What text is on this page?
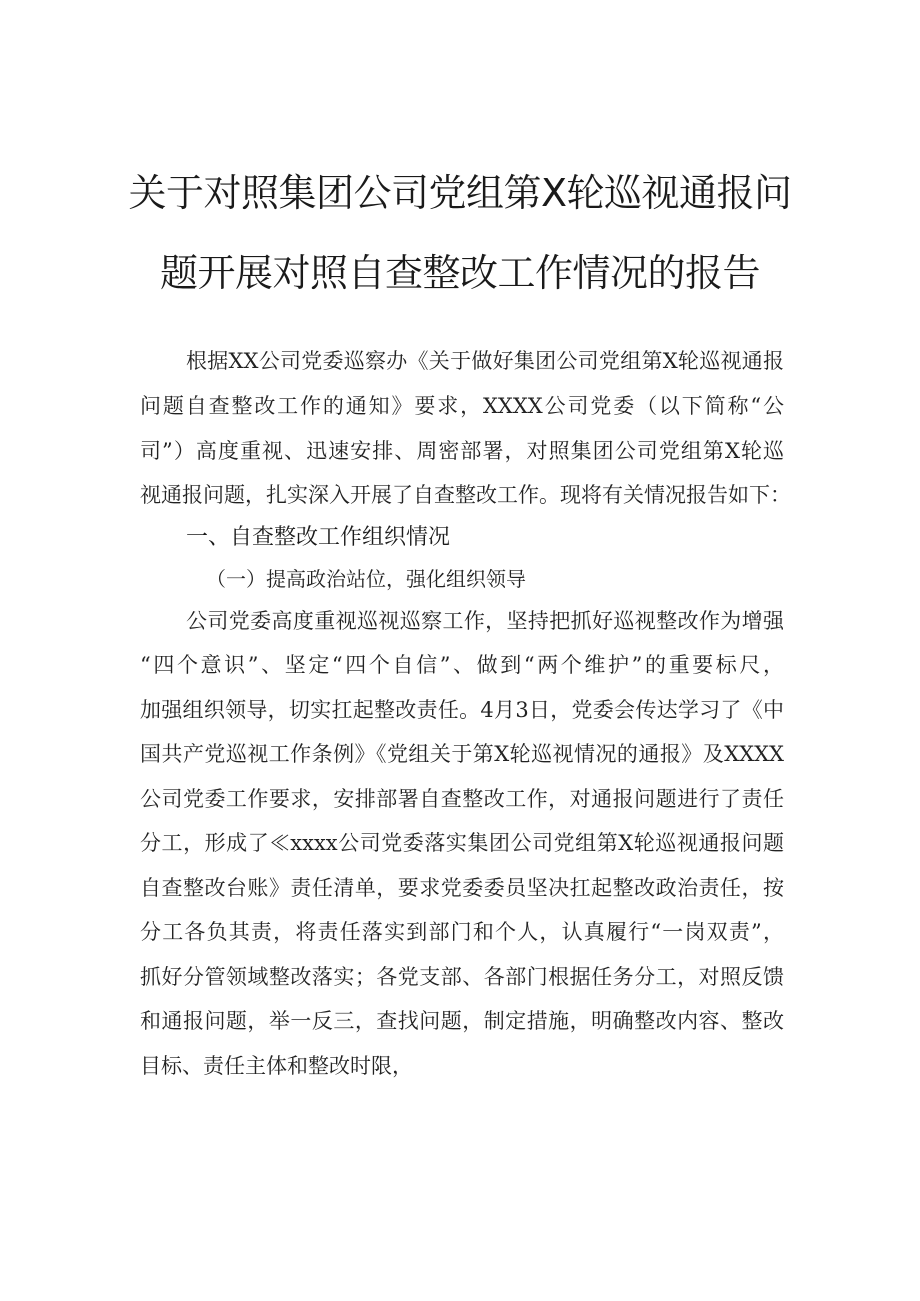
关于对照集团公司党组第X轮巡视通报问
题开展对照自查整改工作情况的报告
根据XX公司党委巡察办《关于做好集团公司党组第X轮巡视通报
问题自查整改工作的通知》要求，XXXX公司党委（以下简称“公
司”）高度重视、迅速安排、周密部署，对照集团公司党组第X轮巡
视通报问题，扎实深入开展了自查整改工作。现将有关情况报告如下：
一、自查整改工作组织情况
（一）提高政治站位，强化组织领导
公司党委高度重视巡视巡察工作，坚持把抓好巡视整改作为增强
“四个意识”、坚定“四个自信”、做到“两个维护”的重要标尺，
加强组织领导，切实扛起整改责任。4月3日，党委会传达学习了《中
国共产党巡视工作条例》《党组关于第X轮巡视情况的通报》及XXXX
公司党委工作要求，安排部署自查整改工作，对通报问题进行了责任
分工，形成了≪xxxx公司党委落实集团公司党组第X轮巡视通报问题
自查整改台账》责任清单，要求党委委员坚决扛起整改政治责任，按
分工各负其责，将责任落实到部门和个人，认真履行“一岗双责”，
抓好分管领域整改落实；各党支部、各部门根据任务分工，对照反馈
和通报问题，举一反三，查找问题，制定措施，明确整改内容、整改
目标、责任主体和整改时限，
